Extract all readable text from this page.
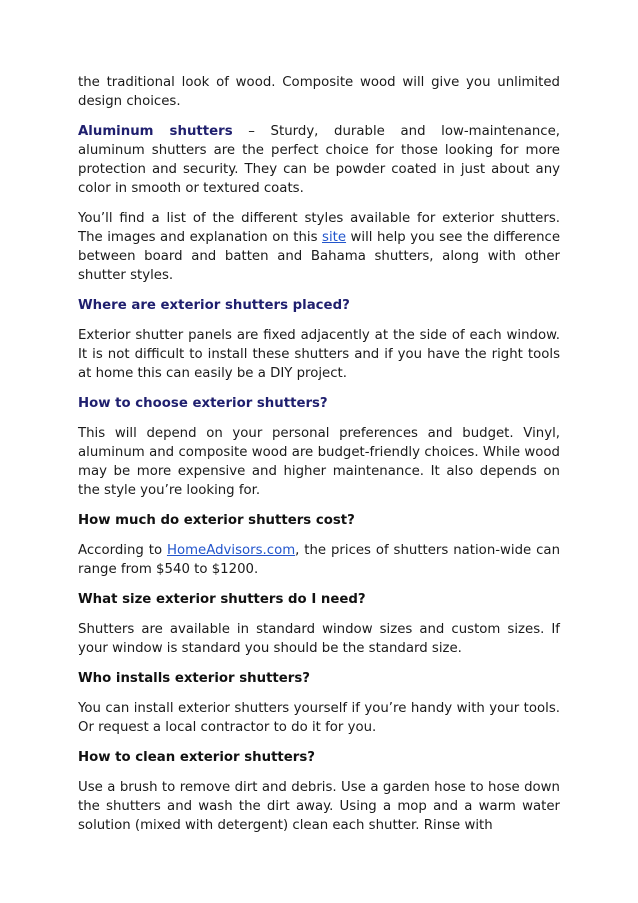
the traditional look of wood. Composite wood will give you unlimited design choices.

Aluminum shutters – Sturdy, durable and low-maintenance, aluminum shutters are the perfect choice for those looking for more protection and security. They can be powder coated in just about any color in smooth or textured coats.

You’ll find a list of the different styles available for exterior shutters. The images and explanation on this site will help you see the difference between board and batten and Bahama shutters, along with other shutter styles.

Where are exterior shutters placed?

Exterior shutter panels are fixed adjacently at the side of each window. It is not difficult to install these shutters and if you have the right tools at home this can easily be a DIY project.

How to choose exterior shutters?

This will depend on your personal preferences and budget. Vinyl, aluminum and composite wood are budget-friendly choices. While wood may be more expensive and higher maintenance. It also depends on the style you’re looking for.

How much do exterior shutters cost?

According to HomeAdvisors.com, the prices of shutters nation-wide can range from $540 to $1200.

What size exterior shutters do I need?

Shutters are available in standard window sizes and custom sizes. If your window is standard you should be the standard size.

Who installs exterior shutters?

You can install exterior shutters yourself if you’re handy with your tools. Or request a local contractor to do it for you.

How to clean exterior shutters?

Use a brush to remove dirt and debris. Use a garden hose to hose down the shutters and wash the dirt away. Using a mop and a warm water solution (mixed with detergent) clean each shutter. Rinse with
